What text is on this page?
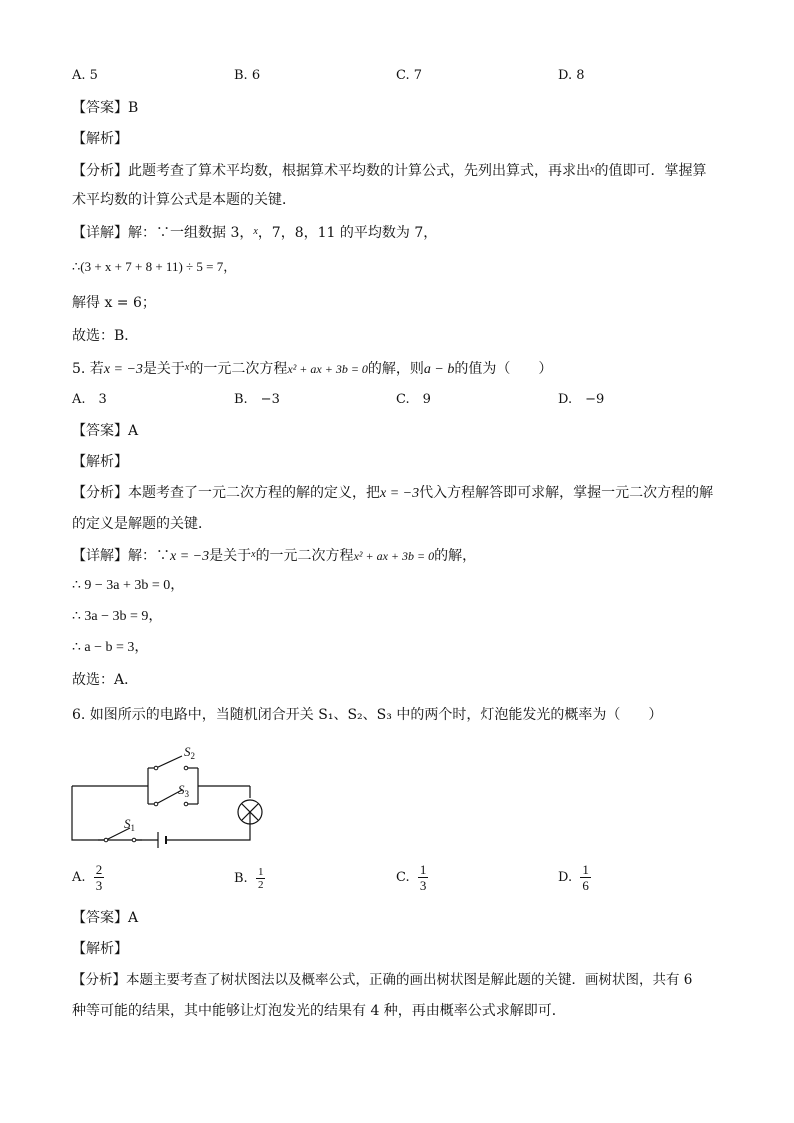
A. 5	B. 6	C. 7	D. 8
【答案】B
【解析】
【分析】此题考查了算术平均数，根据算术平均数的计算公式，先列出算式，再求出$^x$的值即可．掌握算
术平均数的计算公式是本题的关键．
【详解】解：∵一组数据 3，$^x$，7，8，11 的平均数为 7，
∴(3 + x + 7 + 8 + 11) ÷ 5 = 7，
解得 x = 6；
故选：B．
5. 若x = −3是关于$^x$的一元二次方程x² + ax + 3b = 0的解，则a − b的值为（　　）
A.　3	B.　−3	C.　9	D.　−9
【答案】A
【解析】
【分析】本题考查了一元二次方程的解的定义，把x = −3代入方程解答即可求解，掌握一元二次方程的解
的定义是解题的关键．
【详解】解：∵x = −3是关于$^x$的一元二次方程x² + ax + 3b = 0的解，
∴ 9 − 3a + 3b = 0，
∴ 3a − 3b = 9，
∴ a − b = 3，
故选：A．
6. 如图所示的电路中，当随机闭合开关 S₁、S₂、S₃ 中的两个时，灯泡能发光的概率为（　　）
$S_2$
$S_3$
$S_1$
A. $\frac{2}{3}$	B. $\frac{1}{2}$	C. $\frac{1}{3}$	D. $\frac{1}{6}$
【答案】A
【解析】
【分析】本题主要考查了树状图法以及概率公式，正确的画出树状图是解此题的关键．画树状图，共有 6
种等可能的结果，其中能够让灯泡发光的结果有 4 种，再由概率公式求解即可．
